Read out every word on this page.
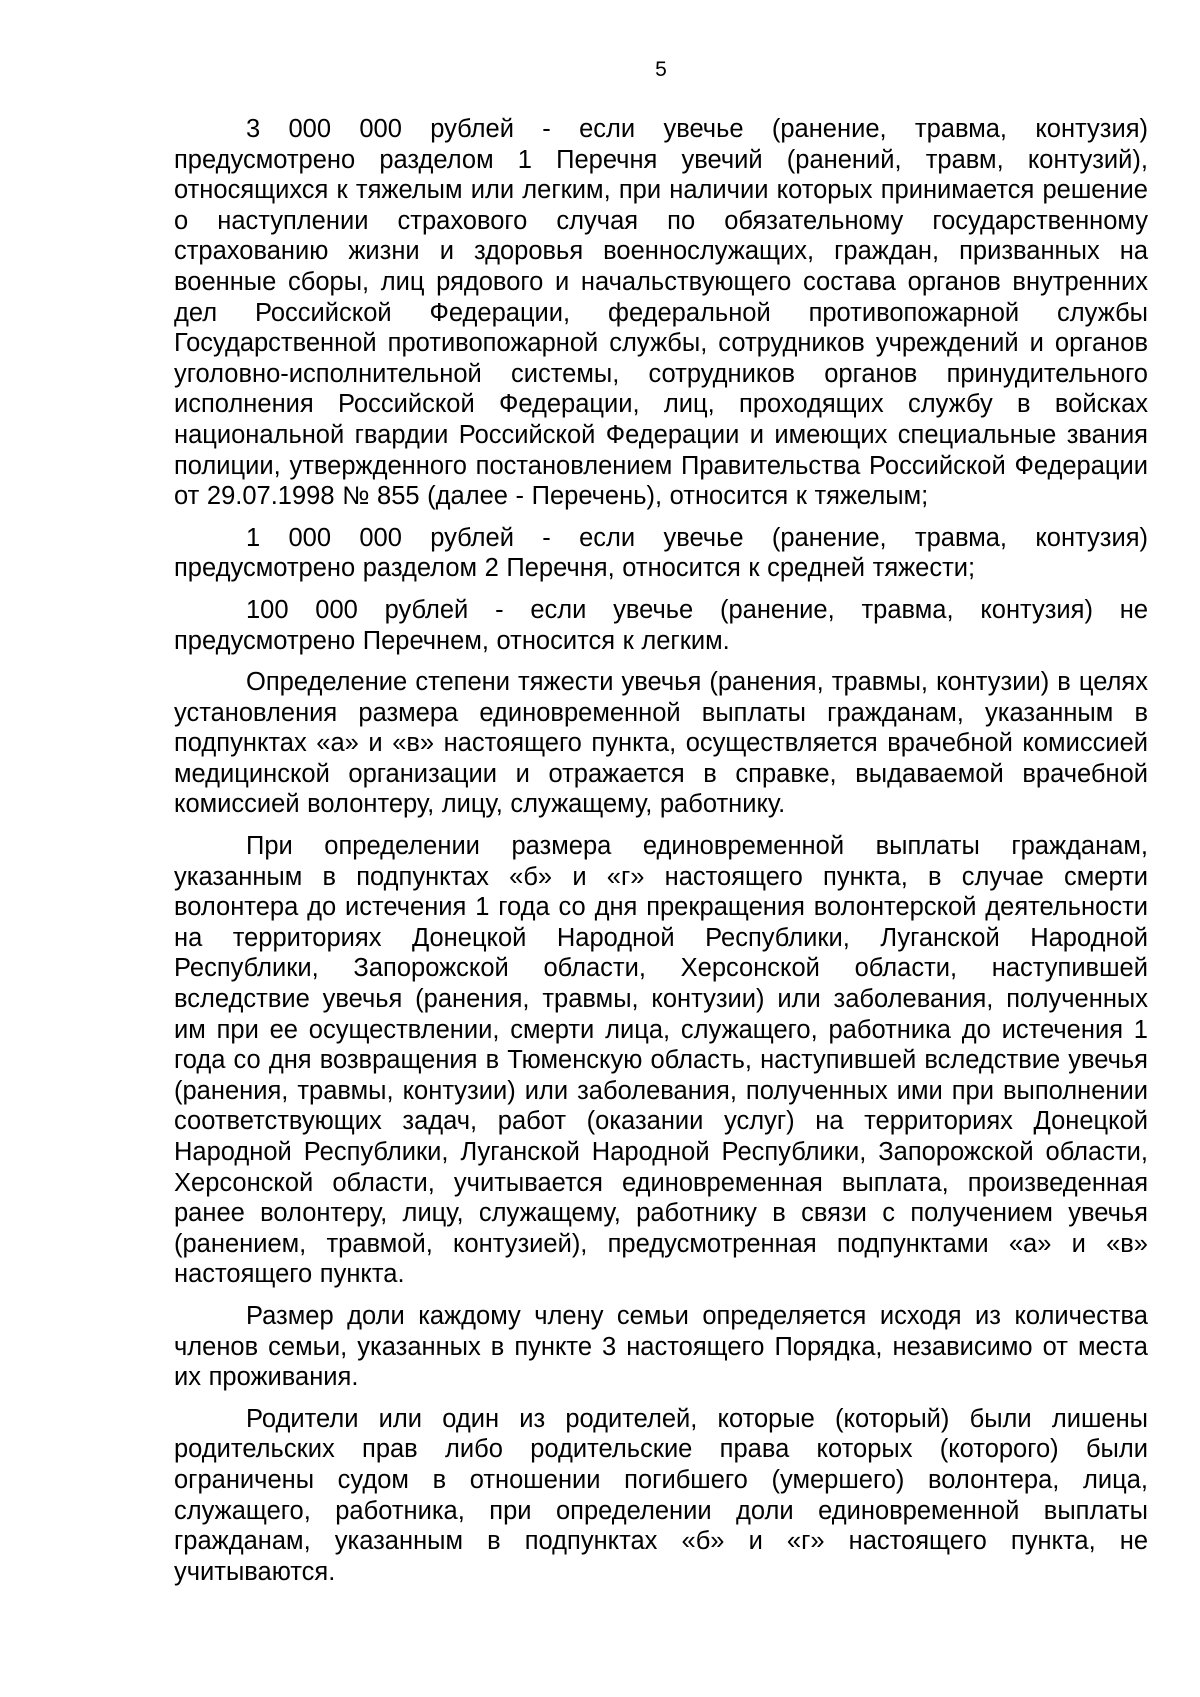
5

3 000 000 рублей - если увечье (ранение, травма, контузия) предусмотрено разделом 1 Перечня увечий (ранений, травм, контузий), относящихся к тяжелым или легким, при наличии которых принимается решение о наступлении страхового случая по обязательному государственному страхованию жизни и здоровья военнослужащих, граждан, призванных на военные сборы, лиц рядового и начальствующего состава органов внутренних дел Российской Федерации, федеральной противопожарной службы Государственной противопожарной службы, сотрудников учреждений и органов уголовно-исполнительной системы, сотрудников органов принудительного исполнения Российской Федерации, лиц, проходящих службу в войсках национальной гвардии Российской Федерации и имеющих специальные звания полиции, утвержденного постановлением Правительства Российской Федерации от 29.07.1998 № 855 (далее - Перечень), относится к тяжелым;

1 000 000 рублей - если увечье (ранение, травма, контузия) предусмотрено разделом 2 Перечня, относится к средней тяжести;

100 000 рублей - если увечье (ранение, травма, контузия) не предусмотрено Перечнем, относится к легким.

Определение степени тяжести увечья (ранения, травмы, контузии) в целях установления размера единовременной выплаты гражданам, указанным в подпунктах «а» и «в» настоящего пункта, осуществляется врачебной комиссией медицинской организации и отражается в справке, выдаваемой врачебной комиссией волонтеру, лицу, служащему, работнику.

При определении размера единовременной выплаты гражданам, указанным в подпунктах «б» и «г» настоящего пункта, в случае смерти волонтера до истечения 1 года со дня прекращения волонтерской деятельности на территориях Донецкой Народной Республики, Луганской Народной Республики, Запорожской области, Херсонской области, наступившей вследствие увечья (ранения, травмы, контузии) или заболевания, полученных им при ее осуществлении, смерти лица, служащего, работника до истечения 1 года со дня возвращения в Тюменскую область, наступившей вследствие увечья (ранения, травмы, контузии) или заболевания, полученных ими при выполнении соответствующих задач, работ (оказании услуг) на территориях Донецкой Народной Республики, Луганской Народной Республики, Запорожской области, Херсонской области, учитывается единовременная выплата, произведенная ранее волонтеру, лицу, служащему, работнику в связи с получением увечья (ранением, травмой, контузией), предусмотренная подпунктами «а» и «в» настоящего пункта.

Размер доли каждому члену семьи определяется исходя из количества членов семьи, указанных в пункте 3 настоящего Порядка, независимо от места их проживания.

Родители или один из родителей, которые (который) были лишены родительских прав либо родительские права которых (которого) были ограничены судом в отношении погибшего (умершего) волонтера, лица, служащего, работника, при определении доли единовременной выплаты гражданам, указанным в подпунктах «б» и «г» настоящего пункта, не учитываются.
